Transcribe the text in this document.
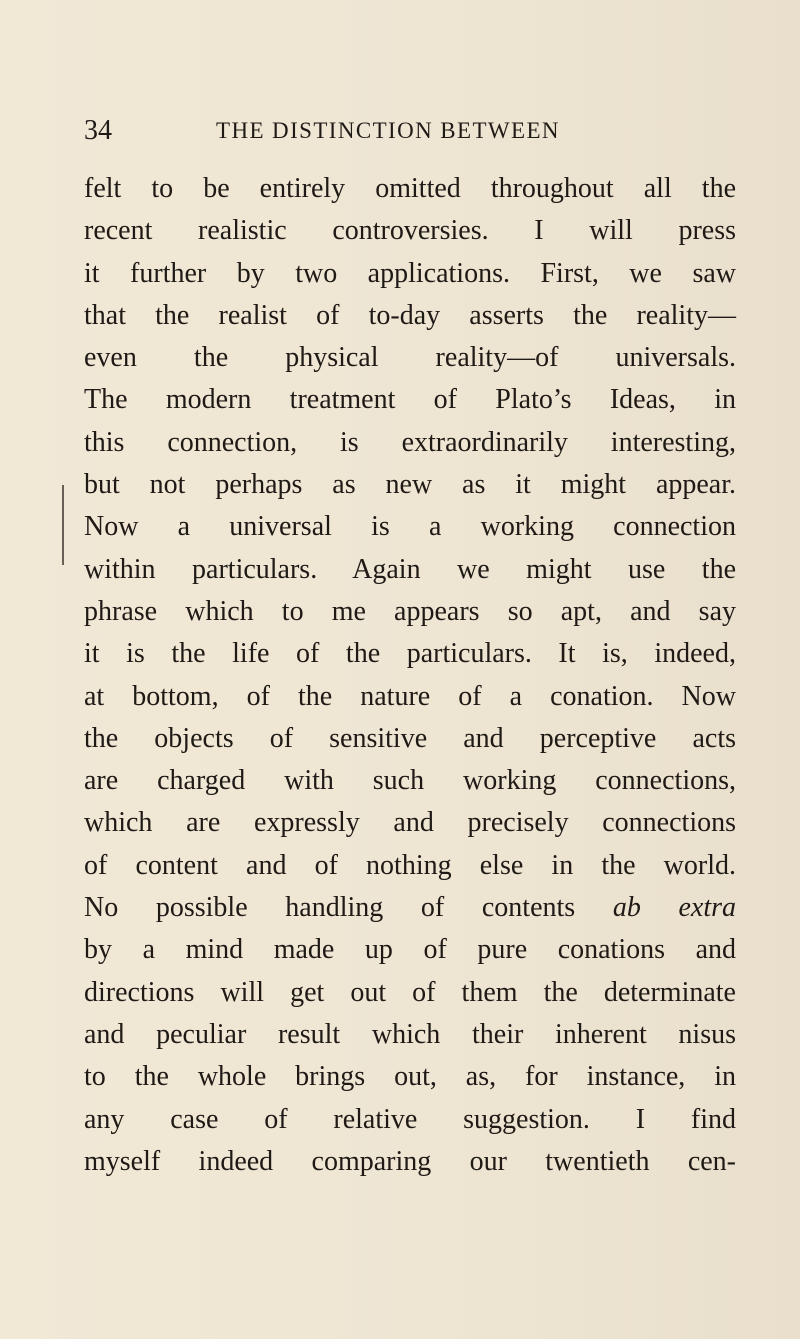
34	THE DISTINCTION BETWEEN
felt to be entirely omitted throughout all the
recent realistic controversies. I will press
it further by two applications. First, we saw
that the realist of to-day asserts the reality—
even the physical reality—of universals.
The modern treatment of Plato’s Ideas, in
this connection, is extraordinarily interesting,
but not perhaps as new as it might appear.
Now a universal is a working connection
within particulars. Again we might use the
phrase which to me appears so apt, and say
it is the life of the particulars. It is, indeed,
at bottom, of the nature of a conation. Now
the objects of sensitive and perceptive acts
are charged with such working connections,
which are expressly and precisely connections
of content and of nothing else in the world.
No possible handling of contents ab extra
by a mind made up of pure conations and
directions will get out of them the determinate
and peculiar result which their inherent nisus
to the whole brings out, as, for instance, in
any case of relative suggestion. I find
myself indeed comparing our twentieth cen-
